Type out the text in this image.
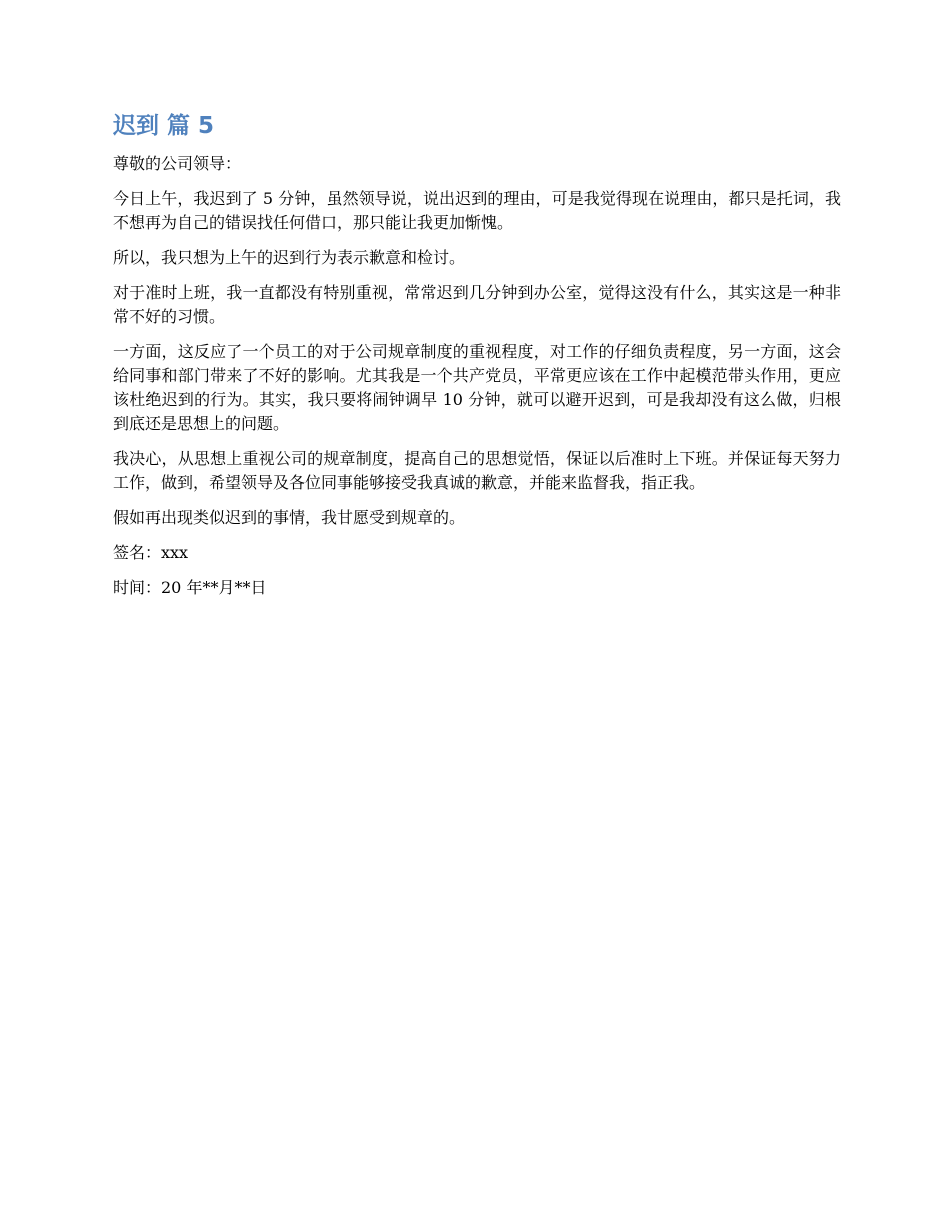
迟到 篇 5

尊敬的公司领导：

今日上午，我迟到了 5 分钟，虽然领导说，说出迟到的理由，可是我觉得现在说理由，都只是托词，我不想再为自己的错误找任何借口，那只能让我更加惭愧。

所以，我只想为上午的迟到行为表示歉意和检讨。

对于准时上班，我一直都没有特别重视，常常迟到几分钟到办公室，觉得这没有什么，其实这是一种非常不好的习惯。

一方面，这反应了一个员工的对于公司规章制度的重视程度，对工作的仔细负责程度，另一方面，这会给同事和部门带来了不好的影响。尤其我是一个共产党员，平常更应该在工作中起模范带头作用，更应该杜绝迟到的行为。其实，我只要将闹钟调早 10 分钟，就可以避开迟到，可是我却没有这么做，归根到底还是思想上的问题。

我决心，从思想上重视公司的规章制度，提高自己的思想觉悟，保证以后准时上下班。并保证每天努力工作，做到，希望领导及各位同事能够接受我真诚的歉意，并能来监督我，指正我。

假如再出现类似迟到的事情，我甘愿受到规章的。

签名：xxx

时间：20 年**月**日
